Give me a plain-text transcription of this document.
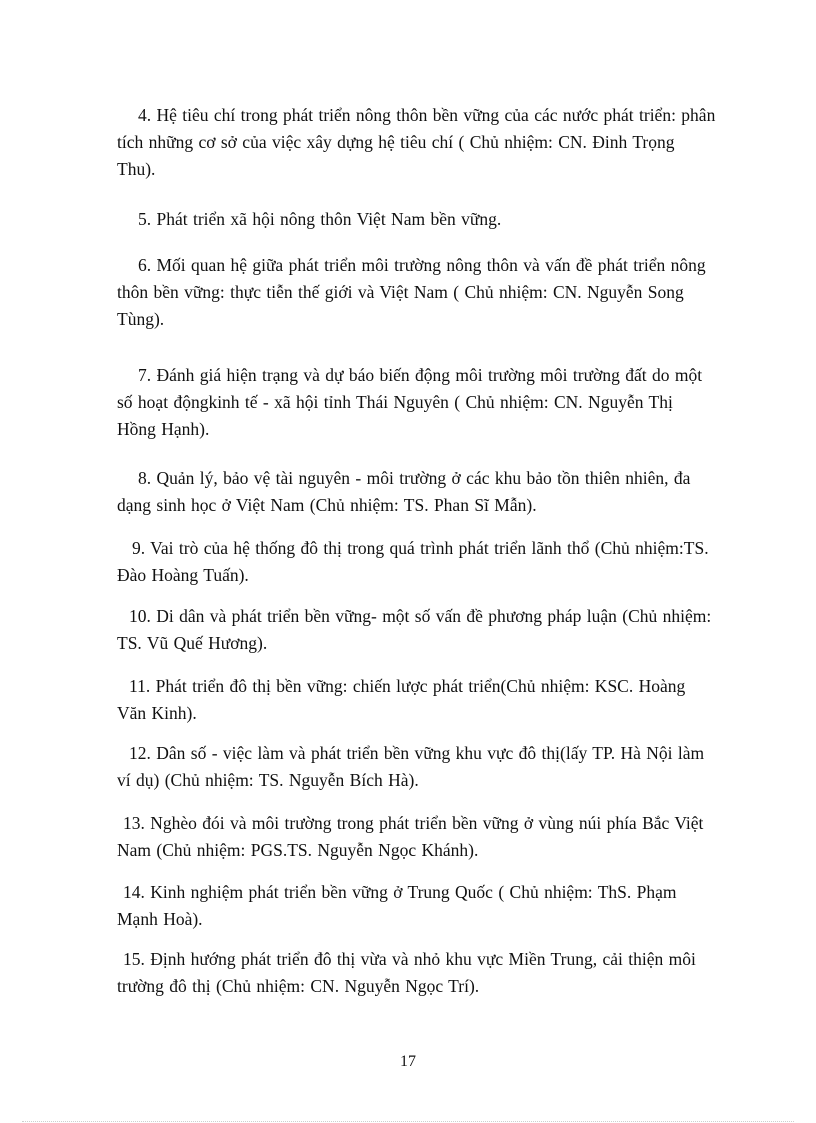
4. Hệ tiêu chí trong phát triển nông thôn bền vững của các nước phát triển: phân tích những cơ sở của việc xây dựng hệ tiêu chí ( Chủ nhiệm: CN. Đinh Trọng Thu).

5. Phát triển xã hội nông thôn Việt Nam bền vững.

6. Mối quan hệ giữa phát triển môi trường nông thôn và vấn đề phát triển nông thôn bền vững: thực tiễn thế giới và Việt Nam ( Chủ nhiệm: CN. Nguyễn Song Tùng).

7. Đánh giá hiện trạng và dự báo biến động môi trường môi trường đất do một số hoạt độngkinh tế - xã hội tỉnh Thái Nguyên ( Chủ nhiệm: CN. Nguyễn Thị Hồng Hạnh).

8. Quản lý, bảo vệ tài nguyên - môi trường ở các khu bảo tồn thiên nhiên, đa dạng sinh học ở Việt Nam (Chủ nhiệm: TS. Phan Sĩ Mẫn).

9. Vai trò của hệ thống đô thị trong quá trình phát triển lãnh thổ (Chủ nhiệm:TS. Đào Hoàng Tuấn).

10. Di dân và phát triển bền vững- một số vấn đề phương pháp luận (Chủ nhiệm: TS. Vũ Quế Hương).

11. Phát triển đô thị bền vững: chiến lược phát triển(Chủ nhiệm: KSC. Hoàng Văn Kinh).

12. Dân số - việc làm và phát triển bền vững khu vực đô thị(lấy TP. Hà Nội làm ví dụ) (Chủ nhiệm: TS. Nguyễn Bích Hà).

13. Nghèo đói và môi trường trong phát triển bền vững ở vùng núi phía Bắc Việt Nam (Chủ nhiệm: PGS.TS. Nguyễn Ngọc Khánh).

14. Kinh nghiệm phát triển bền vững ở Trung Quốc ( Chủ nhiệm: ThS. Phạm Mạnh Hoà).

15. Định hướng phát triển đô thị vừa và nhỏ khu vực Miền Trung, cải thiện môi trường đô thị (Chủ nhiệm: CN. Nguyễn Ngọc Trí).

17
